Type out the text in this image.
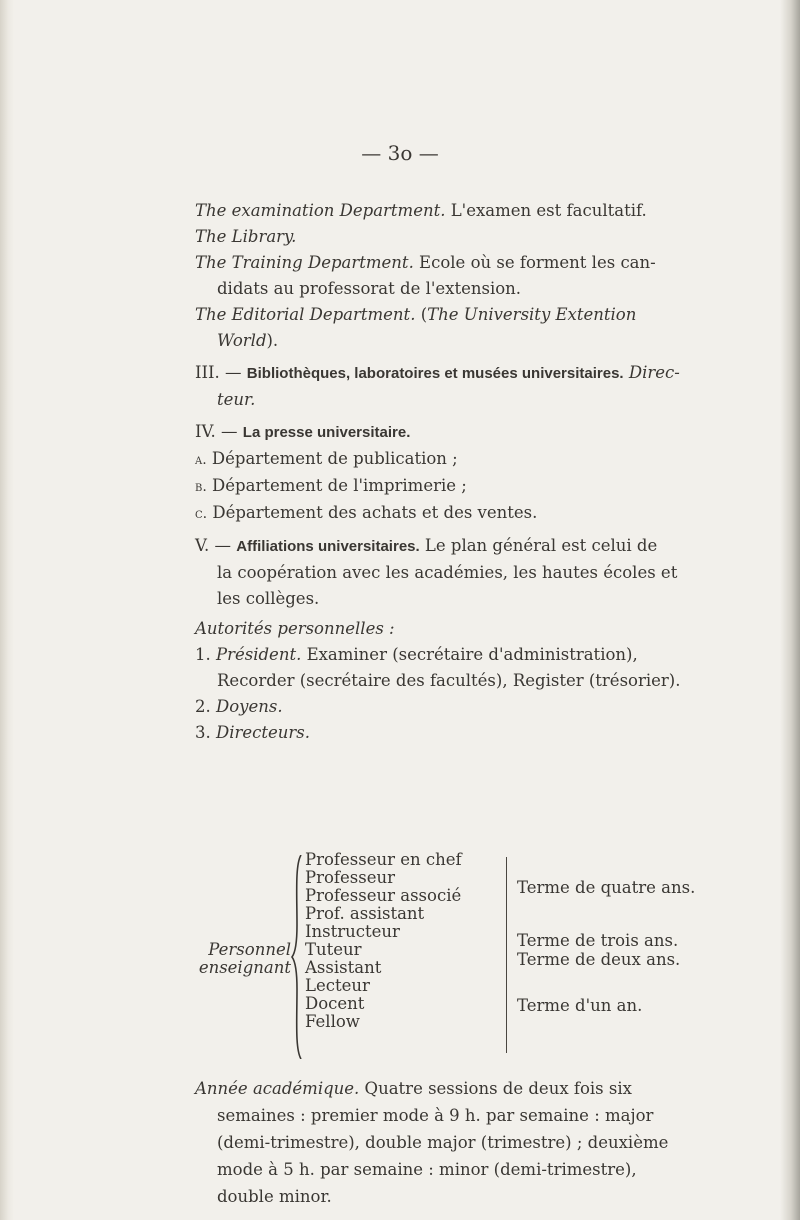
— 3o —
The examination Department. L'examen est facultatif.
The Library.
The Training Department. Ecole où se forment les can-
didats au professorat de l'extension.
The Editorial Department. (The University Extention
World).
III. — Bibliothèques, laboratoires et musées universitaires. Direc-
teur.
IV. — La presse universitaire.
a. Département de publication ;
b. Département de l'imprimerie ;
c. Département des achats et des ventes.
V. — Affiliations universitaires. Le plan général est celui de
la coopération avec les académies, les hautes écoles et
les collèges.
Autorités personnelles :
1. Président. Examiner (secrétaire d'administration),
Recorder (secrétaire des facultés), Register (trésorier).
2. Doyens.
3. Directeurs.
Personnel
enseignant
Professeur en chef
Professeur
Professeur associé
Prof. assistant
Instructeur
Tuteur
Assistant
Lecteur
Docent
Fellow
Terme de quatre ans.
Terme de trois ans.
Terme de deux ans.
Terme d'un an.
Année académique. Quatre sessions de deux fois six
semaines : premier mode à 9 h. par semaine : major
(demi-trimestre), double major (trimestre) ; deuxième
mode à 5 h. par semaine : minor (demi-trimestre),
double minor.
